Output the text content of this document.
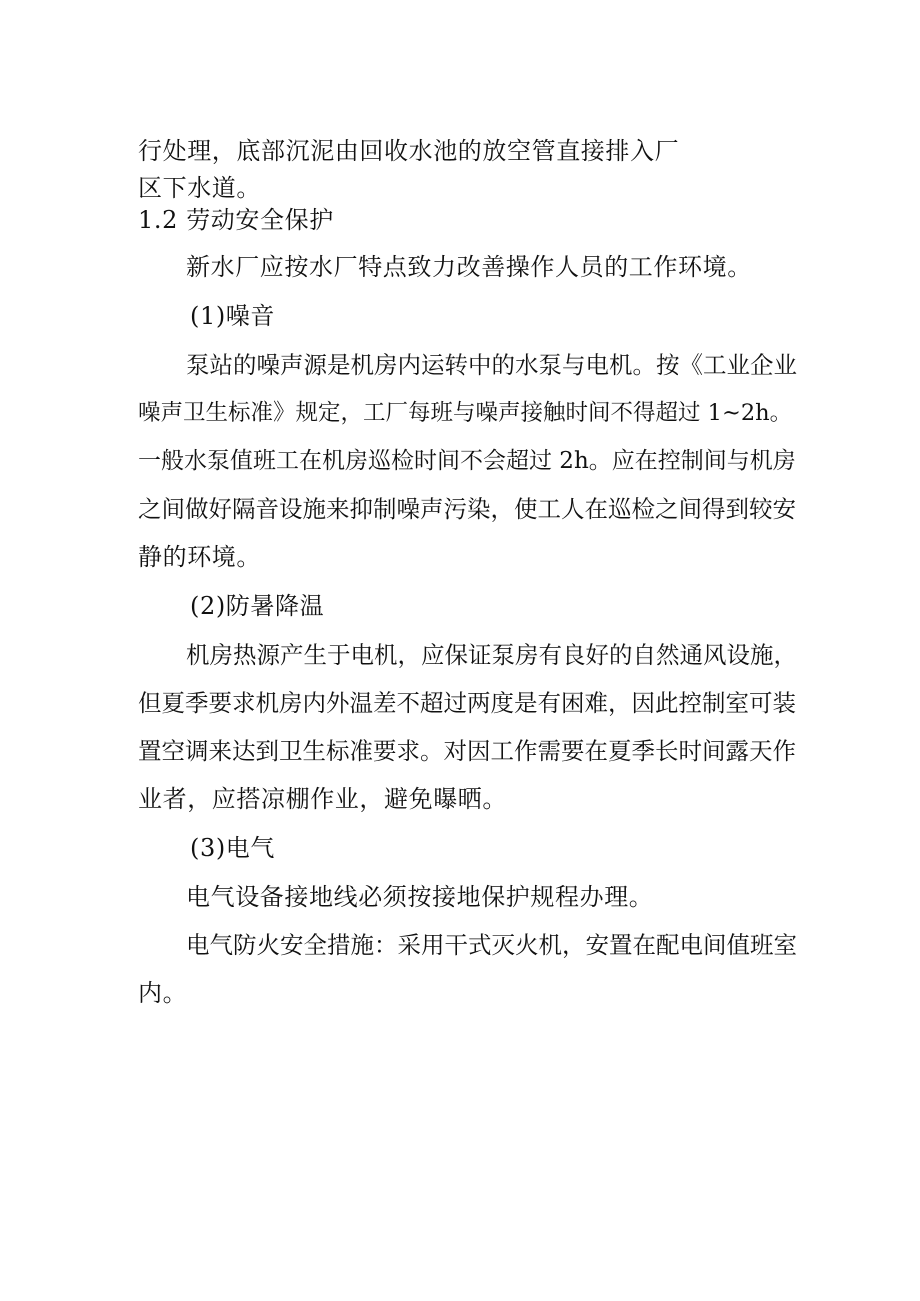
行处理，底部沉泥由回收水池的放空管直接排入厂
区下水道。
1.2 劳动安全保护
新水厂应按水厂特点致力改善操作人员的工作环境。
(1)噪音
泵站的噪声源是机房内运转中的水泵与电机。按《工业企业
噪声卫生标准》规定，工厂每班与噪声接触时间不得超过 1~2h。
一般水泵值班工在机房巡检时间不会超过 2h。应在控制间与机房
之间做好隔音设施来抑制噪声污染，使工人在巡检之间得到较安
静的环境。
(2)防暑降温
机房热源产生于电机，应保证泵房有良好的自然通风设施，
但夏季要求机房内外温差不超过两度是有困难，因此控制室可装
置空调来达到卫生标准要求。对因工作需要在夏季长时间露天作
业者，应搭凉棚作业，避免曝晒。
(3)电气
电气设备接地线必须按接地保护规程办理。
电气防火安全措施：采用干式灭火机，安置在配电间值班室
内。
